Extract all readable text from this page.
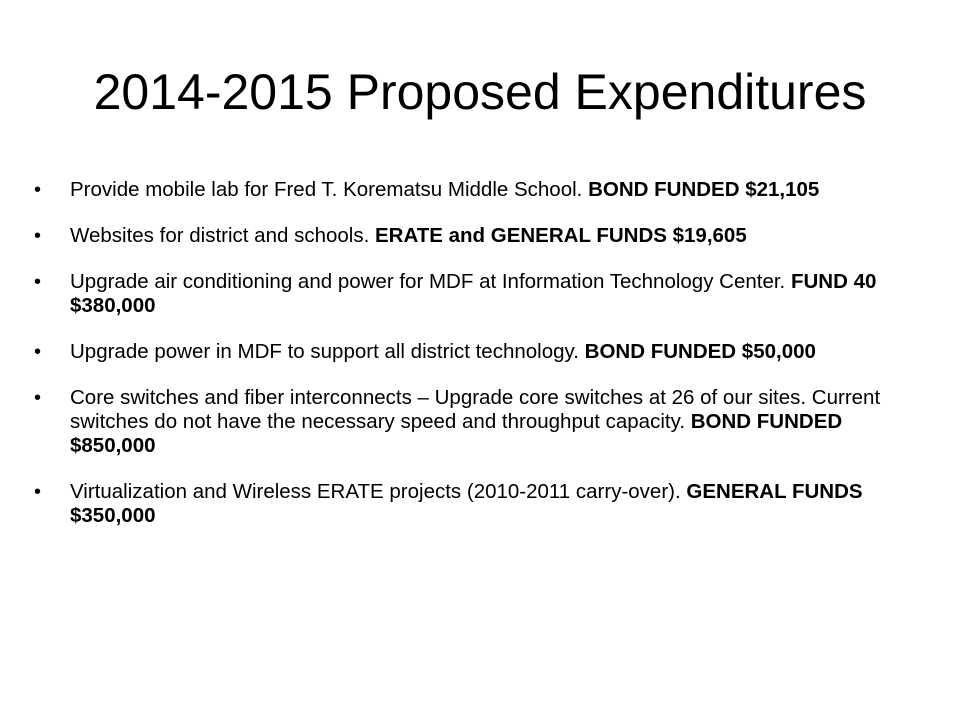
2014-2015 Proposed Expenditures
• Provide mobile lab for Fred T. Korematsu Middle School. BOND FUNDED $21,105
• Websites for district and schools. ERATE and GENERAL FUNDS $19,605
• Upgrade air conditioning and power for MDF at Information Technology Center. FUND 40 $380,000
• Upgrade power in MDF to support all district technology. BOND FUNDED $50,000
• Core switches and fiber interconnects – Upgrade core switches at 26 of our sites. Current switches do not have the necessary speed and throughput capacity. BOND FUNDED $850,000
• Virtualization and Wireless ERATE projects (2010-2011 carry-over). GENERAL FUNDS $350,000
